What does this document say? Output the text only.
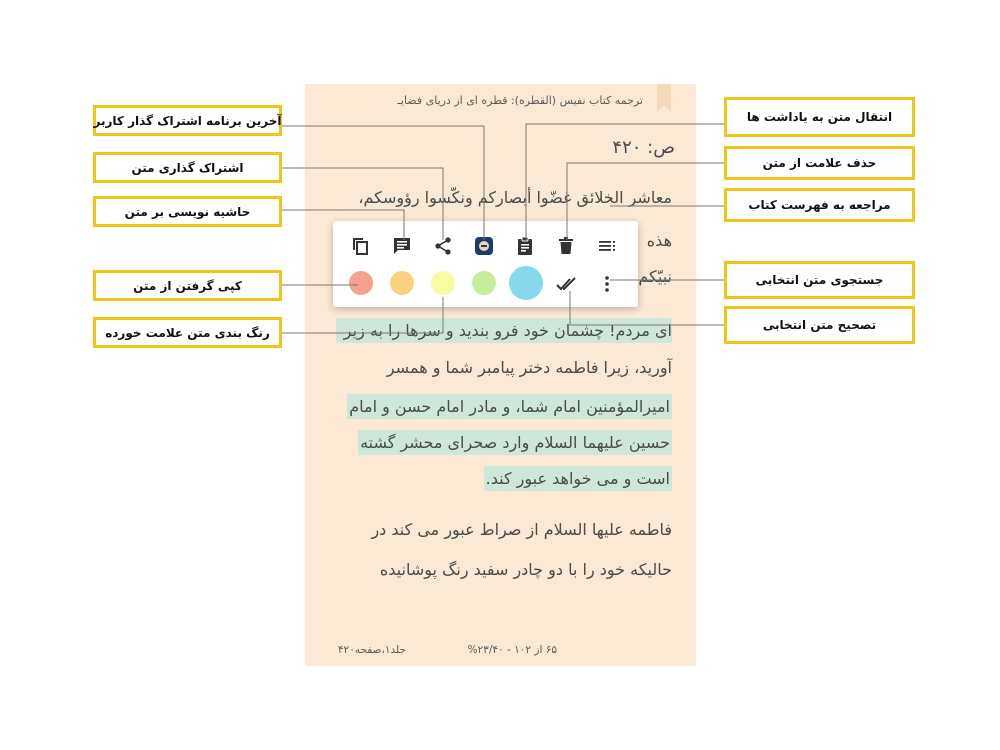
ترجمه کتاب نفیس (القطره): قطره ای از دریای فضایـ
ص: ۴۲۰
معاشر الخلائق غضّوا أبصاركم ونكّسوا رؤوسكم،
هذه
نبيّكم
ای مردم! چشمان خود فرو بندید و سرها را به زیر
آورید، زیرا فاطمه دختر پیامبر شما و همسر
امیرالمؤمنین امام شما، و مادر امام حسن و امام
حسین علیهما السلام وارد صحرای محشر گشته
است و می خواهد عبور کند.
فاطمه علیها السلام از صراط عبور می کند در
حالیکه خود را با دو چادر سفید رنگ پوشانیده
جلد۱،صفحه۴۲۰	۶۵ از ۱۰۲ - ۲۳/۴۰%
آخرین برنامه اشتراک گذار کاربر
اشتراک گذاری متن
حاشیه نویسی بر متن
کپی گرفتن از متن
رنگ بندی متن علامت خورده
انتقال متن به یاداشت ها
حذف علامت از متن
مراجعه به فهرست کتاب
جستجوی متن انتخابی
تصحیح متن انتخابی
